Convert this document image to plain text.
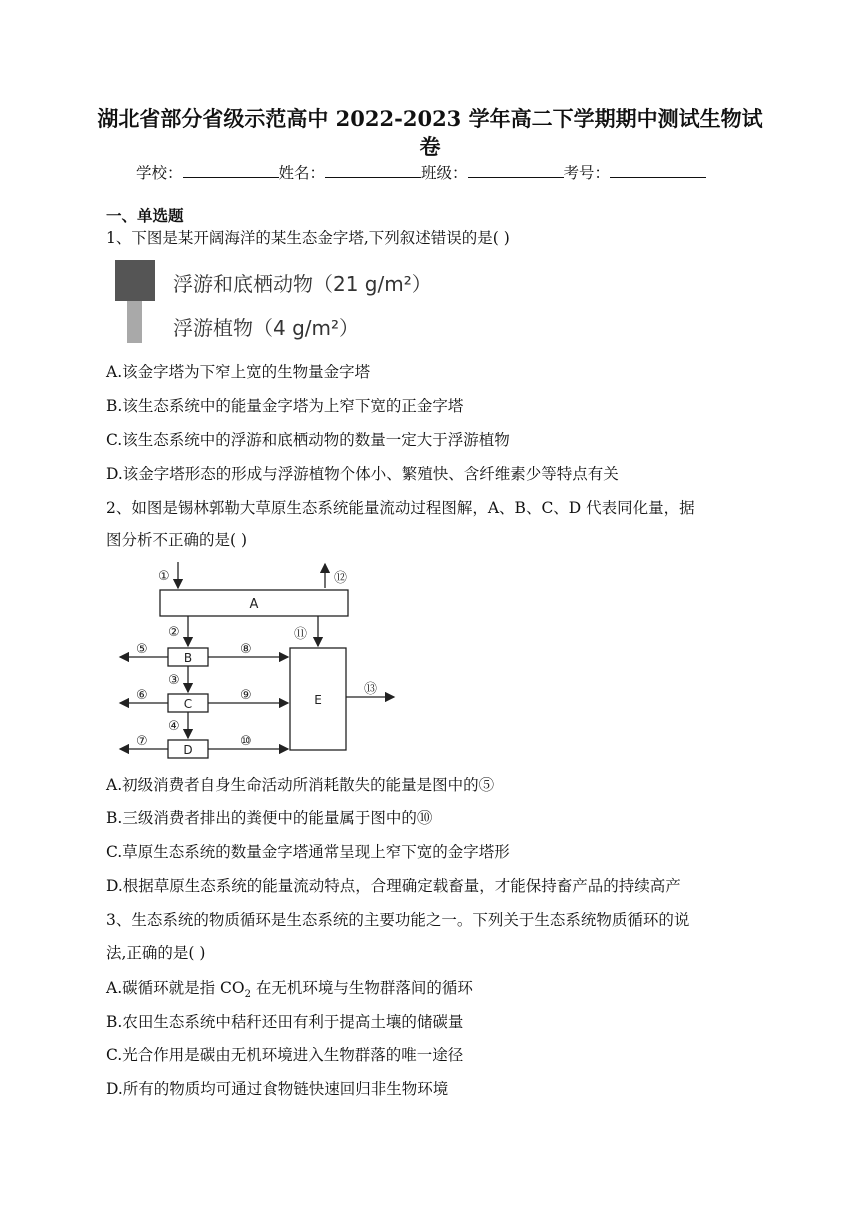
湖北省部分省级示范高中 2022-2023 学年高二下学期期中测试生物试
卷
学校：	姓名：	班级：	考号：
一、单选题
1、下图是某开阔海洋的某生态金字塔,下列叙述错误的是( )
浮游和底栖动物（21 g/m²）
浮游植物（4 g/m²）
A.该金字塔为下窄上宽的生物量金字塔
B.该生态系统中的能量金字塔为上窄下宽的正金字塔
C.该生态系统中的浮游和底栖动物的数量一定大于浮游植物
D.该金字塔形态的形成与浮游植物个体小、繁殖快、含纤维素少等特点有关
2、如图是锡林郭勒大草原生态系统能量流动过程图解，A、B、C、D 代表同化量，据
图分析不正确的是( )
A
B
C
D
E
①
②
③
④
⑤
⑥
⑦
⑧
⑨
⑩
⑪
⑫
⑬
A.初级消费者自身生命活动所消耗散失的能量是图中的⑤
B.三级消费者排出的粪便中的能量属于图中的⑩
C.草原生态系统的数量金字塔通常呈现上窄下宽的金字塔形
D.根据草原生态系统的能量流动特点，合理确定载畜量，才能保持畜产品的持续高产
3、生态系统的物质循环是生态系统的主要功能之一。下列关于生态系统物质循环的说
法,正确的是( )
A.碳循环就是指 $CO_2$ 在无机环境与生物群落间的循环
B.农田生态系统中秸秆还田有利于提高土壤的储碳量
C.光合作用是碳由无机环境进入生物群落的唯一途径
D.所有的物质均可通过食物链快速回归非生物环境
